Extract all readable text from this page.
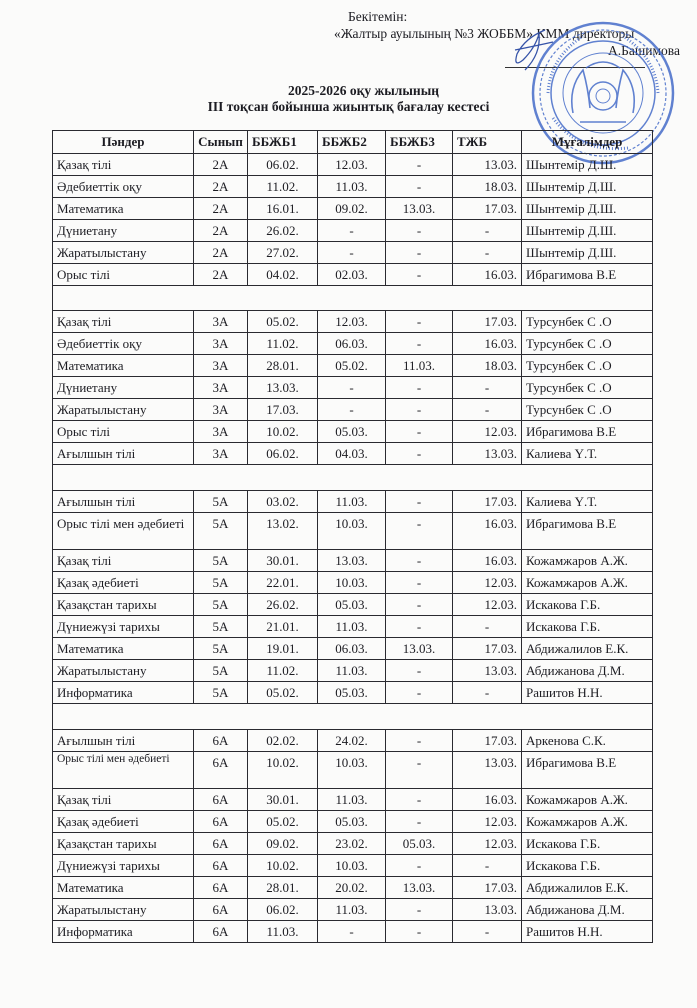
Бекітемін:
«Жалтыр ауылының №3 ЖОББМ» КММ директоры
А.Башимова
2025-2026 оқу жылының
ІІІ тоқсан бойынша жиынтық бағалау кестесі
Пәндер	Сынып	ББЖБ1	ББЖБ2	ББЖБ3	ТЖБ	Мұғалімдер
Қазақ тілі	2А	06.02.	12.03.	-	13.03.	Шынтемір Д.Ш.
Әдебиеттік оқу	2А	11.02.	11.03.	-	18.03.	Шынтемір Д.Ш.
Математика	2А	16.01.	09.02.	13.03.	17.03.	Шынтемір Д.Ш.
Дүниетану	2А	26.02.	-	-	-	Шынтемір Д.Ш.
Жаратылыстану	2А	27.02.	-	-	-	Шынтемір Д.Ш.
Орыс тілі	2А	04.02.	02.03.	-	16.03.	Ибрагимова В.Е

Қазақ тілі	3А	05.02.	12.03.	-	17.03.	Турсунбек С .О
Әдебиеттік оқу	3А	11.02.	06.03.	-	16.03.	Турсунбек С .О
Математика	3А	28.01.	05.02.	11.03.	18.03.	Турсунбек С .О
Дүниетану	3А	13.03.	-	-	-	Турсунбек С .О
Жаратылыстану	3А	17.03.	-	-	-	Турсунбек С .О
Орыс тілі	3А	10.02.	05.03.	-	12.03.	Ибрагимова В.Е
Ағылшын тілі	3А	06.02.	04.03.	-	13.03.	Калиева Ү.Т.

Ағылшын тілі	5А	03.02.	11.03.	-	17.03.	Калиева Ү.Т.
Орыс тілі мен әдебиеті	5А	13.02.	10.03.	-	16.03.	Ибрагимова В.Е
Қазақ тілі	5А	30.01.	13.03.	-	16.03.	Кожамжаров А.Ж.
Қазақ әдебиеті	5А	22.01.	10.03.	-	12.03.	Кожамжаров А.Ж.
Қазақстан тарихы	5А	26.02.	05.03.	-	12.03.	Искакова Г.Б.
Дүниежүзі тарихы	5А	21.01.	11.03.	-	-	Искакова Г.Б.
Математика	5А	19.01.	06.03.	13.03.	17.03.	Абдижалилов Е.К.
Жаратылыстану	5А	11.02.	11.03.	-	13.03.	Абдижанова Д.М.
Информатика	5А	05.02.	05.03.	-	-	Рашитов Н.Н.

Ағылшын тілі	6А	02.02.	24.02.	-	17.03.	Аркенова С.К.
Орыс тілі мен әдебиеті	6А	10.02.	10.03.	-	13.03.	Ибрагимова В.Е
Қазақ тілі	6А	30.01.	11.03.	-	16.03.	Кожамжаров А.Ж.
Қазақ әдебиеті	6А	05.02.	05.03.	-	12.03.	Кожамжаров А.Ж.
Қазақстан тарихы	6А	09.02.	23.02.	05.03.	12.03.	Искакова Г.Б.
Дүниежүзі тарихы	6А	10.02.	10.03.	-	-	Искакова Г.Б.
Математика	6А	28.01.	20.02.	13.03.	17.03.	Абдижалилов Е.К.
Жаратылыстану	6А	06.02.	11.03.	-	13.03.	Абдижанова Д.М.
Информатика	6А	11.03.	-	-	-	Рашитов Н.Н.
